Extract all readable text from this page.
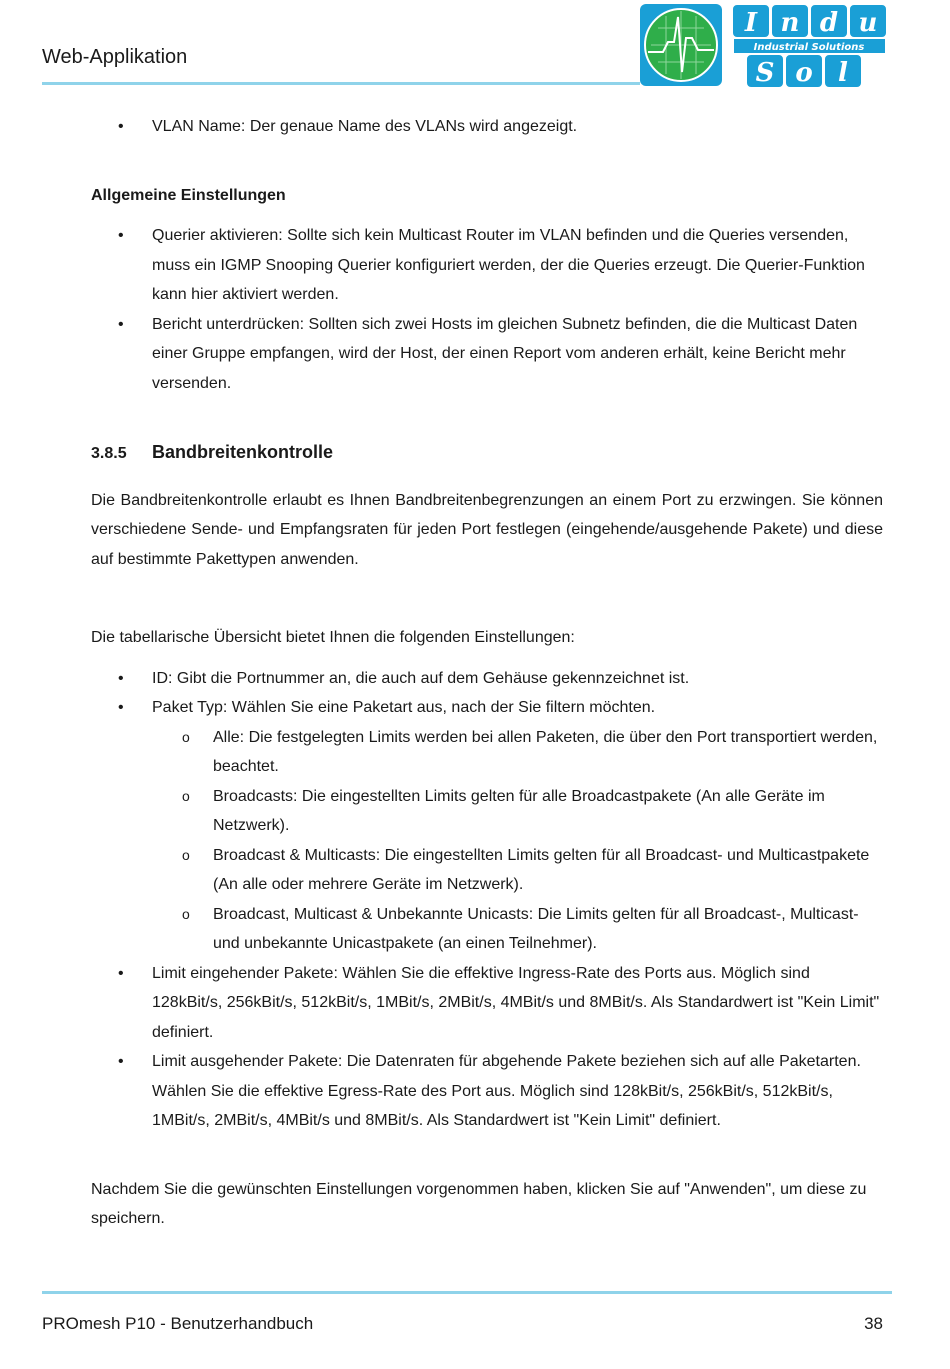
Web-Applikation
I n d u
S o l
Industrial Solutions
• VLAN Name: Der genaue Name des VLANs wird angezeigt.

Allgemeine Einstellungen

• Querier aktivieren: Sollte sich kein Multicast Router im VLAN befinden und die Queries versenden, muss ein IGMP Snooping Querier konfiguriert werden, der die Queries erzeugt. Die Querier-Funktion kann hier aktiviert werden.
• Bericht unterdrücken: Sollten sich zwei Hosts im gleichen Subnetz befinden, die die Multicast Daten einer Gruppe empfangen, wird der Host, der einen Report vom anderen erhält, keine Bericht mehr versenden.

3.8.5 Bandbreitenkontrolle

Die Bandbreitenkontrolle erlaubt es Ihnen Bandbreitenbegrenzungen an einem Port zu erzwingen. Sie können verschiedene Sende- und Empfangsraten für jeden Port festlegen (eingehende/ausgehende Pakete) und diese auf bestimmte Pakettypen anwenden.

Die tabellarische Übersicht bietet Ihnen die folgenden Einstellungen:

• ID: Gibt die Portnummer an, die auch auf dem Gehäuse gekennzeichnet ist.
• Paket Typ: Wählen Sie eine Paketart aus, nach der Sie filtern möchten.
o Alle: Die festgelegten Limits werden bei allen Paketen, die über den Port transportiert werden, beachtet.
o Broadcasts: Die eingestellten Limits gelten für alle Broadcastpakete (An alle Geräte im Netzwerk).
o Broadcast & Multicasts: Die eingestellten Limits gelten für all Broadcast- und Multicastpakete (An alle oder mehrere Geräte im Netzwerk).
o Broadcast, Multicast & Unbekannte Unicasts: Die Limits gelten für all Broadcast-, Multicast- und unbekannte Unicastpakete (an einen Teilnehmer).
• Limit eingehender Pakete: Wählen Sie die effektive Ingress-Rate des Ports aus. Möglich sind 128kBit/s, 256kBit/s, 512kBit/s, 1MBit/s, 2MBit/s, 4MBit/s und 8MBit/s. Als Standardwert ist "Kein Limit" definiert.
• Limit ausgehender Pakete: Die Datenraten für abgehende Pakete beziehen sich auf alle Paketarten. Wählen Sie die effektive Egress-Rate des Port aus. Möglich sind 128kBit/s, 256kBit/s, 512kBit/s, 1MBit/s, 2MBit/s, 4MBit/s und 8MBit/s. Als Standardwert ist "Kein Limit" definiert.

Nachdem Sie die gewünschten Einstellungen vorgenommen haben, klicken Sie auf "Anwenden", um diese zu speichern.

PROmesh P10 - Benutzerhandbuch	38
